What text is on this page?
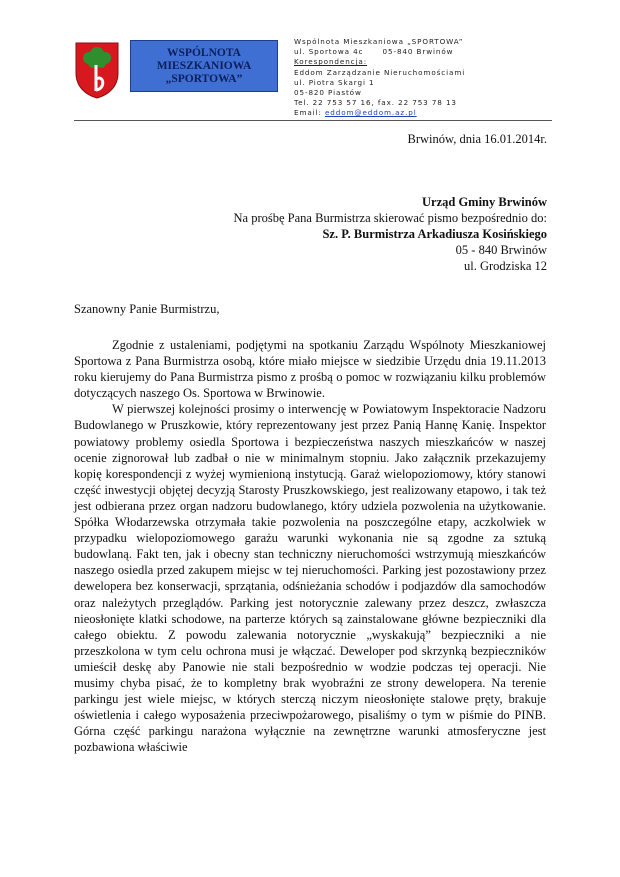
WSPÓLNOTA
MIESZKANIOWA
„SPORTOWA”
Wspólnota Mieszkaniowa „SPORTOWA”
ul. Sportowa 4c      05-840 Brwinów
Korespondencja:
Eddom Zarządzanie Nieruchomościami
ul. Piotra Skargi 1
05-820 Piastów
Tel. 22 753 57 16, fax. 22 753 78 13
Email: eddom@eddom.az.pl
Brwinów, dnia 16.01.2014r.
Urząd Gminy Brwinów
Na prośbę Pana Burmistrza skierować pismo bezpośrednio do:
Sz. P. Burmistrza Arkadiusza Kosińskiego
05 - 840 Brwinów
ul. Grodziska 12
Szanowny Panie Burmistrzu,

Zgodnie z ustaleniami, podjętymi na spotkaniu Zarządu Wspólnoty Mieszkaniowej Sportowa z Pana Burmistrza osobą, które miało miejsce w siedzibie Urzędu dnia 19.11.2013 roku kierujemy do Pana Burmistrza pismo z prośbą o pomoc w rozwiązaniu kilku problemów dotyczących naszego Os. Sportowa w Brwinowie.

W pierwszej kolejności prosimy o interwencję w Powiatowym Inspektoracie Nadzoru Budowlanego w Pruszkowie, który reprezentowany jest przez Panią Hannę Kanię. Inspektor powiatowy problemy osiedla Sportowa i bezpieczeństwa naszych mieszkańców w naszej ocenie zignorował lub zadbał o nie w minimalnym stopniu. Jako załącznik przekazujemy kopię korespondencji z wyżej wymienioną instytucją. Garaż wielopoziomowy, który stanowi część inwestycji objętej decyzją Starosty Pruszkowskiego, jest realizowany etapowo, i tak też jest odbierana przez organ nadzoru budowlanego, który udziela pozwolenia na użytkowanie. Spółka Włodarzewska otrzymała takie pozwolenia na poszczególne etapy, aczkolwiek w przypadku wielopoziomowego garażu warunki wykonania nie są zgodne za sztuką budowlaną. Fakt ten, jak i obecny stan techniczny nieruchomości wstrzymują mieszkańców naszego osiedla przed zakupem miejsc w tej nieruchomości. Parking jest pozostawiony przez dewelopera bez konserwacji, sprzątania, odśnieżania schodów i podjazdów dla samochodów oraz należytych przeglądów. Parking jest notorycznie zalewany przez deszcz, zwłaszcza nieosłonięte klatki schodowe, na parterze których są zainstalowane główne bezpieczniki dla całego obiektu. Z powodu zalewania notorycznie „wyskakują” bezpieczniki a nie przeszkolona w tym celu ochrona musi je włączać. Deweloper pod skrzynką bezpieczników umieścił deskę aby Panowie nie stali bezpośrednio w wodzie podczas tej operacji. Nie musimy chyba pisać, że to kompletny brak wyobraźni ze strony dewelopera. Na terenie parkingu jest wiele miejsc, w których sterczą niczym nieosłonięte stalowe pręty, brakuje oświetlenia i całego wyposażenia przeciwpożarowego, pisaliśmy o tym w piśmie do PINB. Górna część parkingu narażona wyłącznie na zewnętrzne warunki atmosferyczne jest pozbawiona właściwie
